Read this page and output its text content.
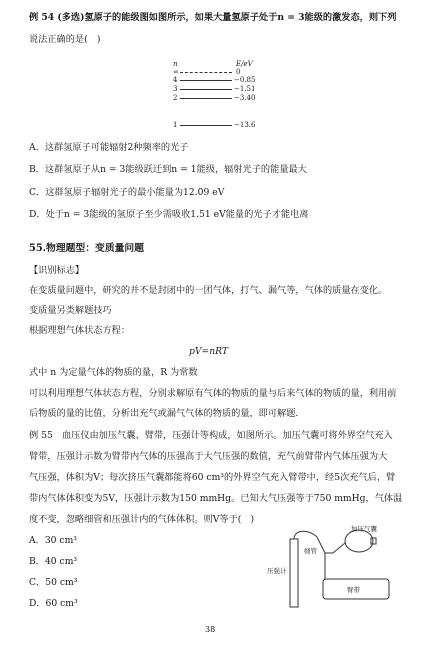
例 54 (多选)氢原子的能级图如图所示，如果大量氢原子处于n = 3能级的激发态，则下列
说法正确的是(　)
n	E/eV
∞	0
4	−0.85
3	−1.51
2	−3.40
1	−13.6
A．这群氢原子可能辐射2种频率的光子
B．这群氢原子从n = 3能级跃迁到n = 1能级，辐射光子的能量最大
C．这群氢原子辐射光子的最小能量为12.09 eV
D．处于n = 3能级的氢原子至少需吸收1.51 eV能量的光子才能电离
55.物理题型：变质量问题
【识别标志】
在变质量问题中，研究的并不是封闭中的一团气体，打气、漏气等，气体的质量在变化。
变质量另类解题技巧
根据理想气体状态方程：
pV=nRT
式中 n 为定量气体的物质的量，R 为常数
可以利用理想气体状态方程，分别求解原有气体的物质的量与后来气体的物质的量，利用前
后物质的量的比值，分析出充气或漏气气体的物质的量，即可解题.
例 55　血压仪由加压气囊、臂带，压强计等构成，如图所示。加压气囊可将外界空气充入
臂带，压强计示数为臂带内气体的压强高于大气压强的数值，充气前臂带内气体压强为大
气压强，体积为V；每次挤压气囊都能将60 cm³的外界空气充入臂带中，经5次充气后，臂
带内气体体积变为5V，压强计示数为150 mmHg。已知大气压强等于750 mmHg，气体温
度不变，忽略细管和压强计内的气体体积。则V等于(　)
A．30 cm³
B．40 cm³
C．50 cm³
D．60 cm³
加压气囊
细管
压强计
臂带
38
